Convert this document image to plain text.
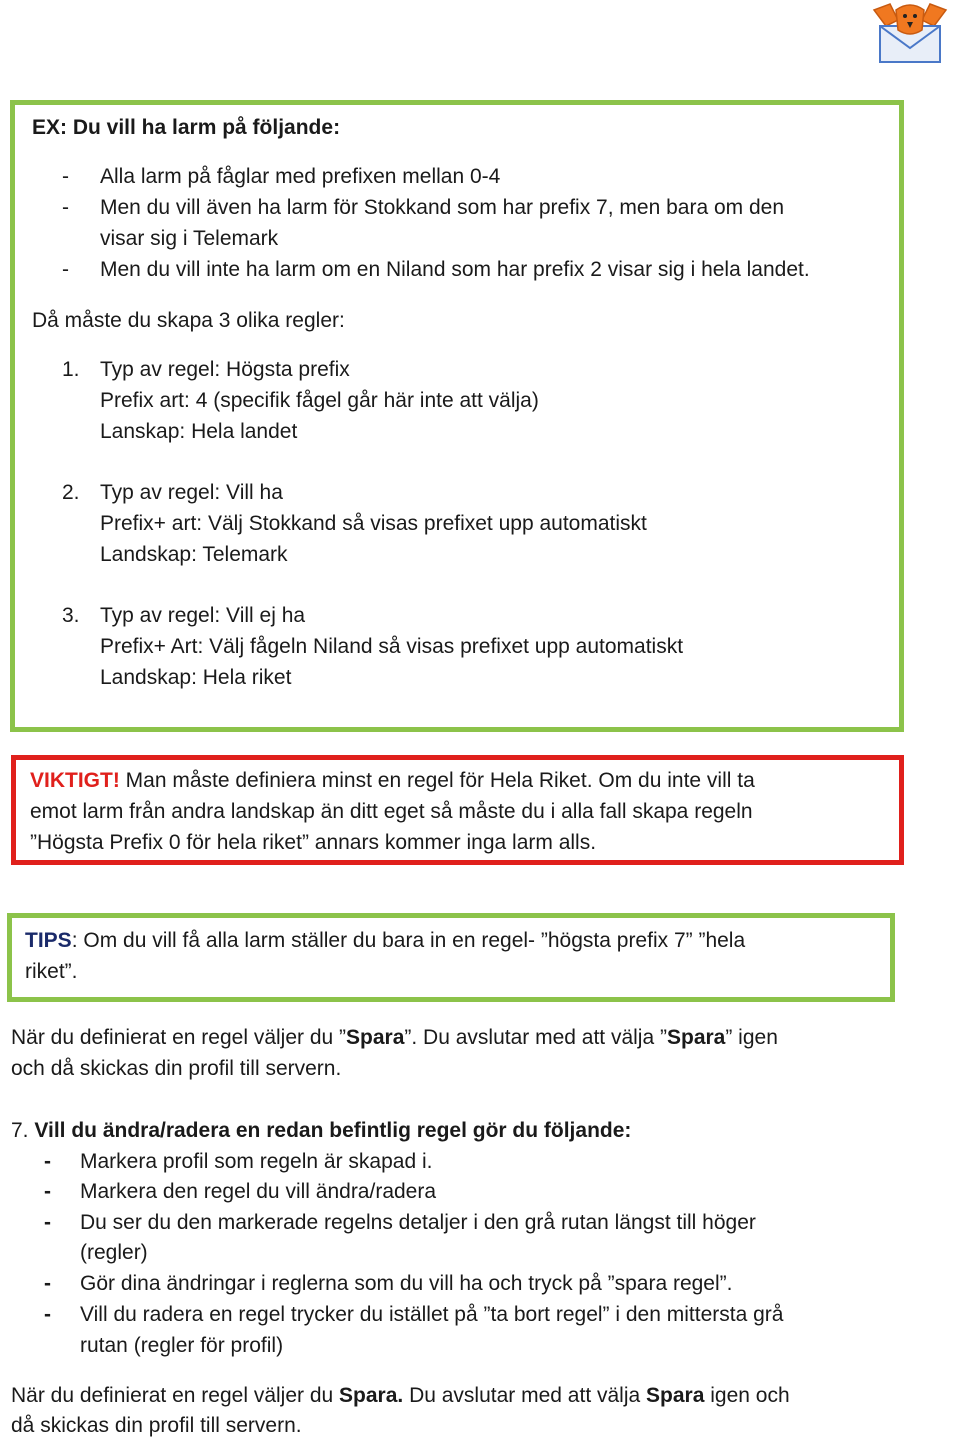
EX: Du vill ha larm på följande:
- Alla larm på fåglar med prefixen mellan 0-4
- Men du vill även ha larm för Stokkand som har prefix 7, men bara om den
visar sig i Telemark
- Men du vill inte ha larm om en Niland som har prefix 2 visar sig i hela landet.
Då måste du skapa 3 olika regler:
1. Typ av regel: Högsta prefix
Prefix art: 4 (specifik fågel går här inte att välja)
Lanskap: Hela landet
2. Typ av regel: Vill ha
Prefix+ art: Välj Stokkand så visas prefixet upp automatiskt
Landskap: Telemark
3. Typ av regel: Vill ej ha
Prefix+ Art: Välj fågeln Niland så visas prefixet upp automatiskt
Landskap: Hela riket
VIKTIGT! Man måste definiera minst en regel för Hela Riket. Om du inte vill ta
emot larm från andra landskap än ditt eget så måste du i alla fall skapa regeln
”Högsta Prefix 0 för hela riket” annars kommer inga larm alls.
TIPS: Om du vill få alla larm ställer du bara in en regel- ”högsta prefix 7” ”hela
riket”.
När du definierat en regel väljer du ”Spara”. Du avslutar med att välja ”Spara” igen
och då skickas din profil till servern.
7. Vill du ändra/radera en redan befintlig regel gör du följande:
- Markera profil som regeln är skapad i.
- Markera den regel du vill ändra/radera
- Du ser du den markerade regelns detaljer i den grå rutan längst till höger
(regler)
- Gör dina ändringar i reglerna som du vill ha och tryck på ”spara regel”.
- Vill du radera en regel trycker du istället på ”ta bort regel” i den mittersta grå
rutan (regler för profil)
När du definierat en regel väljer du Spara. Du avslutar med att välja Spara igen och
då skickas din profil till servern.
